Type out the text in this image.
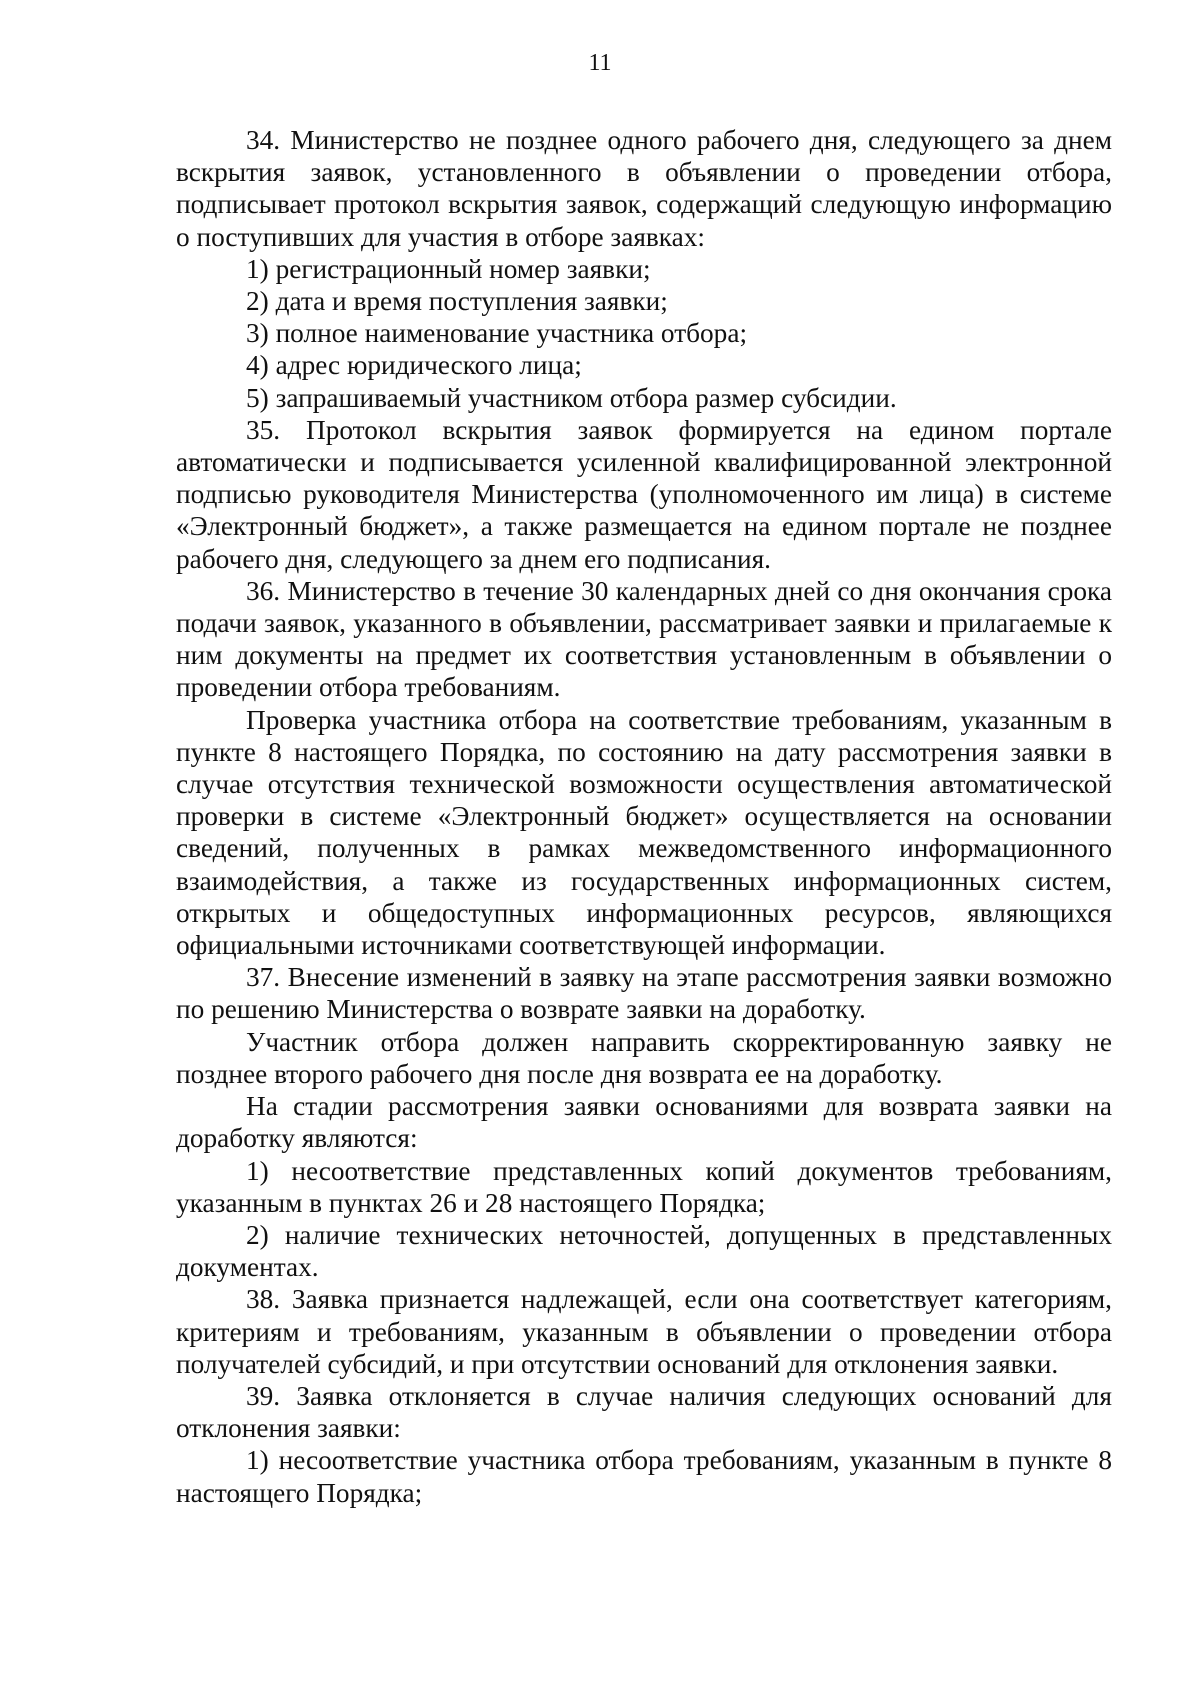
11

34. Министерство не позднее одного рабочего дня, следующего за днем вскрытия заявок, установленного в объявлении о проведении отбора, подписывает протокол вскрытия заявок, содержащий следующую информацию о поступивших для участия в отборе заявках:

1) регистрационный номер заявки;

2) дата и время поступления заявки;

3) полное наименование участника отбора;

4) адрес юридического лица;

5) запрашиваемый участником отбора размер субсидии.

35. Протокол вскрытия заявок формируется на едином портале автоматически и подписывается усиленной квалифицированной электронной подписью руководителя Министерства (уполномоченного им лица) в системе «Электронный бюджет», а также размещается на едином портале не позднее рабочего дня, следующего за днем его подписания.

36. Министерство в течение 30 календарных дней со дня окончания срока подачи заявок, указанного в объявлении, рассматривает заявки и прилагаемые к ним документы на предмет их соответствия установленным в объявлении о проведении отбора требованиям.

Проверка участника отбора на соответствие требованиям, указанным в пункте 8 настоящего Порядка, по состоянию на дату рассмотрения заявки в случае отсутствия технической возможности осуществления автоматической проверки в системе «Электронный бюджет» осуществляется на основании сведений, полученных в рамках межведомственного информационного взаимодействия, а также из государственных информационных систем, открытых и общедоступных информационных ресурсов, являющихся официальными источниками соответствующей информации.

37. Внесение изменений в заявку на этапе рассмотрения заявки возможно по решению Министерства о возврате заявки на доработку.

Участник отбора должен направить скорректированную заявку не позднее второго рабочего дня после дня возврата ее на доработку.

На стадии рассмотрения заявки основаниями для возврата заявки на доработку являются:

1) несоответствие представленных копий документов требованиям, указанным в пунктах 26 и 28 настоящего Порядка;

2) наличие технических неточностей, допущенных в представленных документах.

38. Заявка признается надлежащей, если она соответствует категориям, критериям и требованиям, указанным в объявлении о проведении отбора получателей субсидий, и при отсутствии оснований для отклонения заявки.

39. Заявка отклоняется в случае наличия следующих оснований для отклонения заявки:

1) несоответствие участника отбора требованиям, указанным в пункте 8 настоящего Порядка;
